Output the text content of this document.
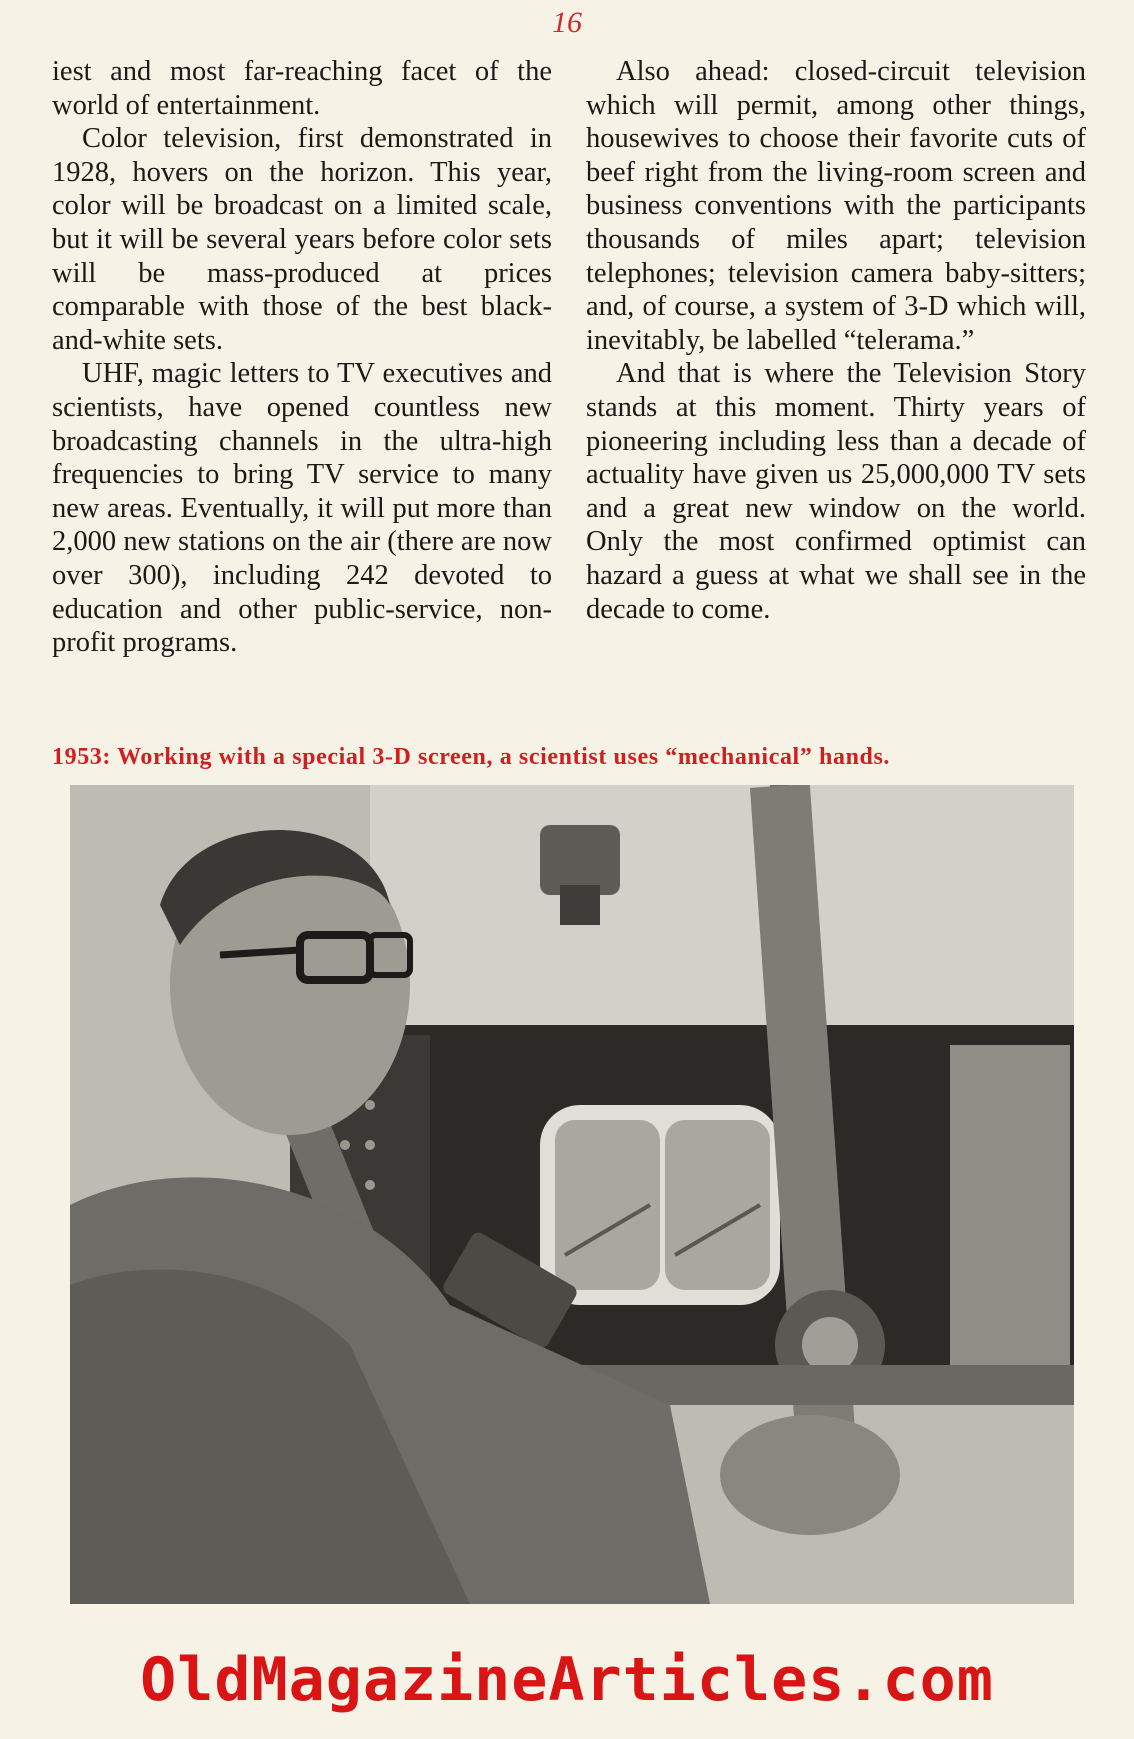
16

iest and most far-reaching facet of the world of entertainment.

Color television, first demonstrated in 1928, hovers on the horizon. This year, color will be broadcast on a limited scale, but it will be several years before color sets will be mass-produced at prices comparable with those of the best black-and-white sets.

UHF, magic letters to TV executives and scientists, have opened countless new broadcasting channels in the ultra-high frequencies to bring TV service to many new areas. Eventually, it will put more than 2,000 new stations on the air (there are now over 300), including 242 devoted to education and other public-service, non-profit programs.

Also ahead: closed-circuit television which will permit, among other things, housewives to choose their favorite cuts of beef right from the living-room screen and business conventions with the participants thousands of miles apart; television telephones; television camera baby-sitters; and, of course, a system of 3-D which will, inevitably, be labelled “telerama.”

And that is where the Television Story stands at this moment. Thirty years of pioneering including less than a decade of actuality have given us 25,000,000 TV sets and a great new window on the world. Only the most confirmed optimist can hazard a guess at what we shall see in the decade to come.

1953: Working with a special 3-D screen, a scientist uses “mechanical” hands.
OldMagazineArticles.com
